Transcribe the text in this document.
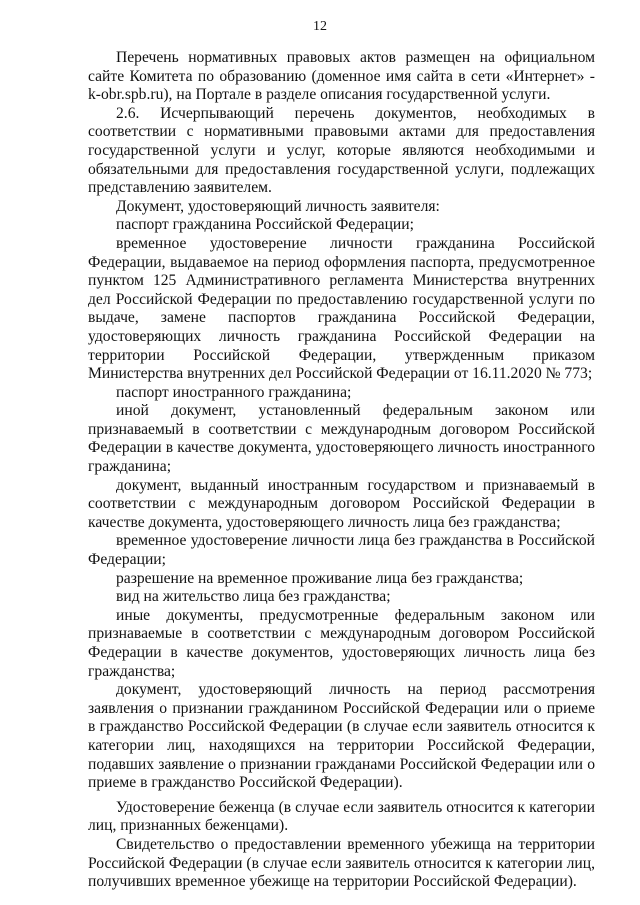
12

Перечень нормативных правовых актов размещен на официальном сайте Комитета по образованию (доменное имя сайта в сети «Интернет» - k-obr.spb.ru), на Портале в разделе описания государственной услуги.

2.6. Исчерпывающий перечень документов, необходимых в соответствии с нормативными правовыми актами для предоставления государственной услуги и услуг, которые являются необходимыми и обязательными для предоставления государственной услуги, подлежащих представлению заявителем.

Документ, удостоверяющий личность заявителя:

паспорт гражданина Российской Федерации;

временное удостоверение личности гражданина Российской Федерации, выдаваемое на период оформления паспорта, предусмотренное пунктом 125 Административного регламента Министерства внутренних дел Российской Федерации по предоставлению государственной услуги по выдаче, замене паспортов гражданина Российской Федерации, удостоверяющих личность гражданина Российской Федерации на территории Российской Федерации, утвержденным приказом Министерства внутренних дел Российской Федерации от 16.11.2020 № 773;

паспорт иностранного гражданина;

иной документ, установленный федеральным законом или признаваемый в соответствии с международным договором Российской Федерации в качестве документа, удостоверяющего личность иностранного гражданина;

документ, выданный иностранным государством и признаваемый в соответствии с международным договором Российской Федерации в качестве документа, удостоверяющего личность лица без гражданства;

временное удостоверение личности лица без гражданства в Российской Федерации;

разрешение на временное проживание лица без гражданства;

вид на жительство лица без гражданства;

иные документы, предусмотренные федеральным законом или признаваемые в соответствии с международным договором Российской Федерации в качестве документов, удостоверяющих личность лица без гражданства;

документ, удостоверяющий личность на период рассмотрения заявления о признании гражданином Российской Федерации или о приеме в гражданство Российской Федерации (в случае если заявитель относится к категории лиц, находящихся на территории Российской Федерации, подавших заявление о признании гражданами Российской Федерации или о приеме в гражданство Российской Федерации).

Удостоверение беженца (в случае если заявитель относится к категории лиц, признанных беженцами).

Свидетельство о предоставлении временного убежища на территории Российской Федерации (в случае если заявитель относится к категории лиц, получивших временное убежище на территории Российской Федерации).
